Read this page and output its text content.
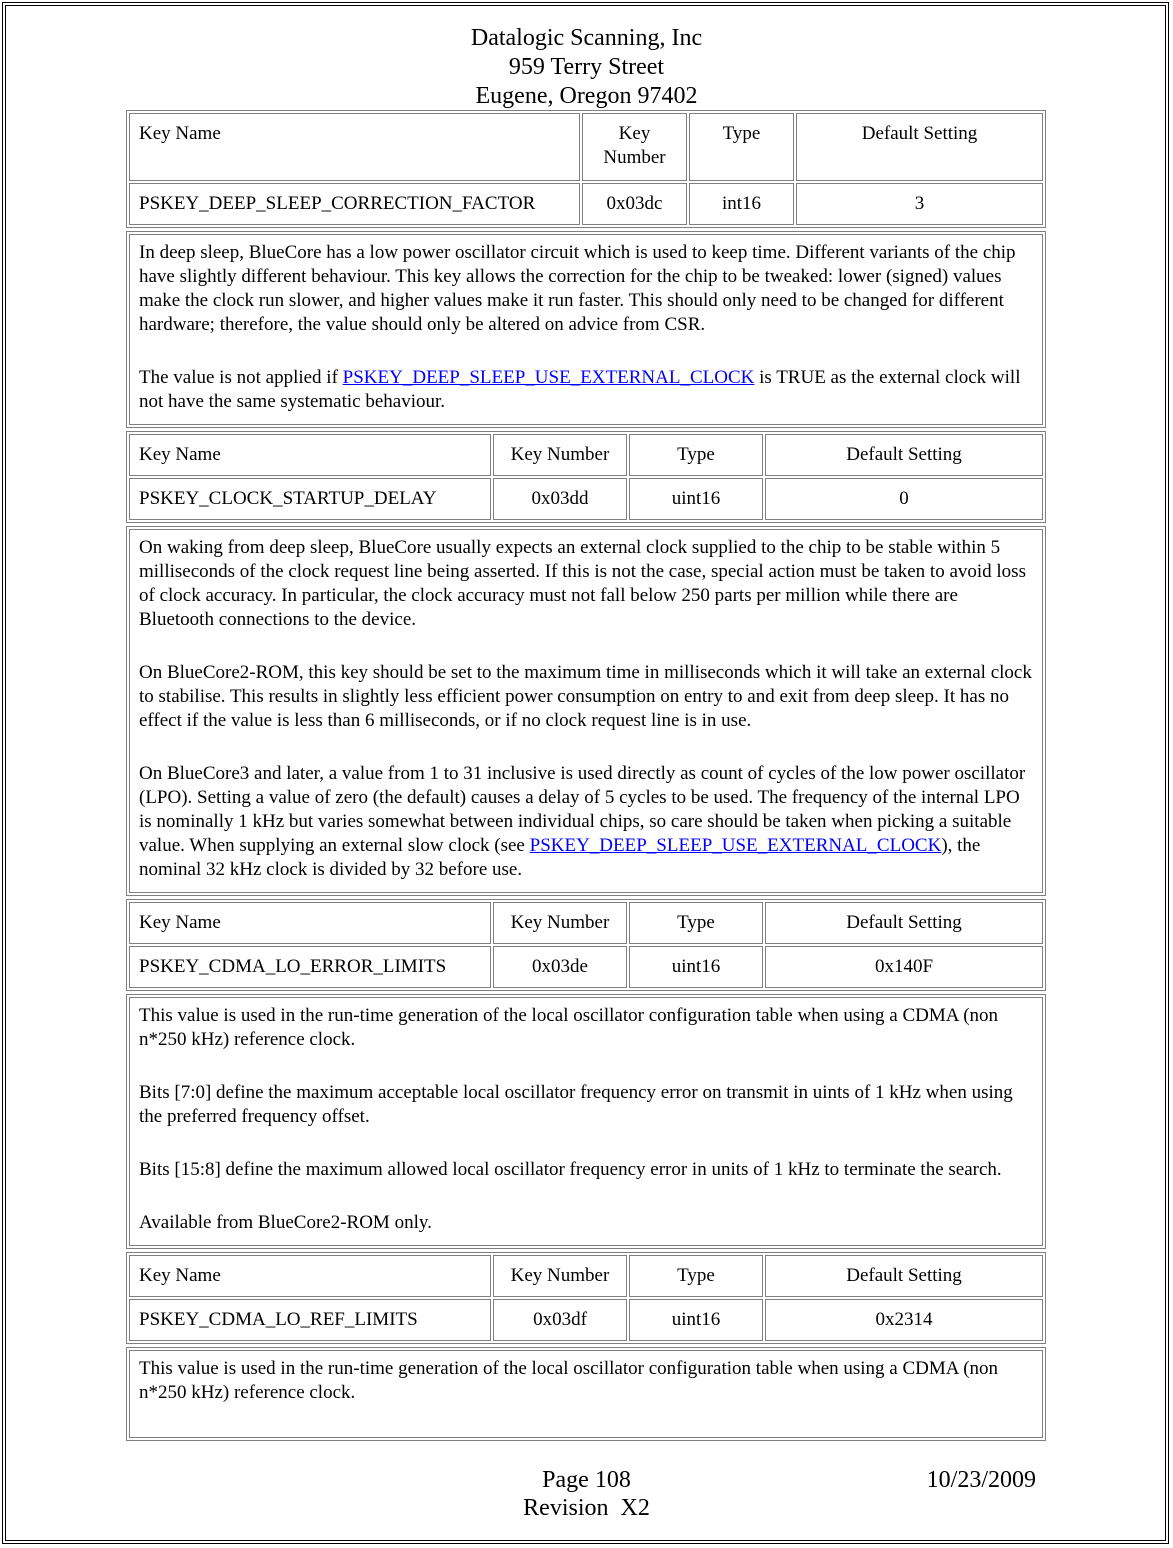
Datalogic Scanning, Inc
959 Terry Street
Eugene, Oregon 97402
Key Name	Key Number	Type	Default Setting
PSKEY_DEEP_SLEEP_CORRECTION_FACTOR	0x03dc	int16	3

In deep sleep, BlueCore has a low power oscillator circuit which is used to keep time. Different variants of the chip have slightly different behaviour. This key allows the correction for the chip to be tweaked: lower (signed) values make the clock run slower, and higher values make it run faster. This should only need to be changed for different hardware; therefore, the value should only be altered on advice from CSR.

The value is not applied if PSKEY_DEEP_SLEEP_USE_EXTERNAL_CLOCK is TRUE as the external clock will not have the same systematic behaviour.

Key Name	Key Number	Type	Default Setting
PSKEY_CLOCK_STARTUP_DELAY	0x03dd	uint16	0

On waking from deep sleep, BlueCore usually expects an external clock supplied to the chip to be stable within 5 milliseconds of the clock request line being asserted. If this is not the case, special action must be taken to avoid loss of clock accuracy. In particular, the clock accuracy must not fall below 250 parts per million while there are Bluetooth connections to the device.

On BlueCore2-ROM, this key should be set to the maximum time in milliseconds which it will take an external clock to stabilise. This results in slightly less efficient power consumption on entry to and exit from deep sleep. It has no effect if the value is less than 6 milliseconds, or if no clock request line is in use.

On BlueCore3 and later, a value from 1 to 31 inclusive is used directly as count of cycles of the low power oscillator (LPO). Setting a value of zero (the default) causes a delay of 5 cycles to be used. The frequency of the internal LPO is nominally 1 kHz but varies somewhat between individual chips, so care should be taken when picking a suitable value. When supplying an external slow clock (see PSKEY_DEEP_SLEEP_USE_EXTERNAL_CLOCK), the nominal 32 kHz clock is divided by 32 before use.

Key Name	Key Number	Type	Default Setting
PSKEY_CDMA_LO_ERROR_LIMITS	0x03de	uint16	0x140F

This value is used in the run-time generation of the local oscillator configuration table when using a CDMA (non n*250 kHz) reference clock.

Bits [7:0] define the maximum acceptable local oscillator frequency error on transmit in uints of 1 kHz when using the preferred frequency offset.

Bits [15:8] define the maximum allowed local oscillator frequency error in units of 1 kHz to terminate the search.

Available from BlueCore2-ROM only.

Key Name	Key Number	Type	Default Setting
PSKEY_CDMA_LO_REF_LIMITS	0x03df	uint16	0x2314

This value is used in the run-time generation of the local oscillator configuration table when using a CDMA (non n*250 kHz) reference clock.

Page 108
Revision  X2
10/23/2009
